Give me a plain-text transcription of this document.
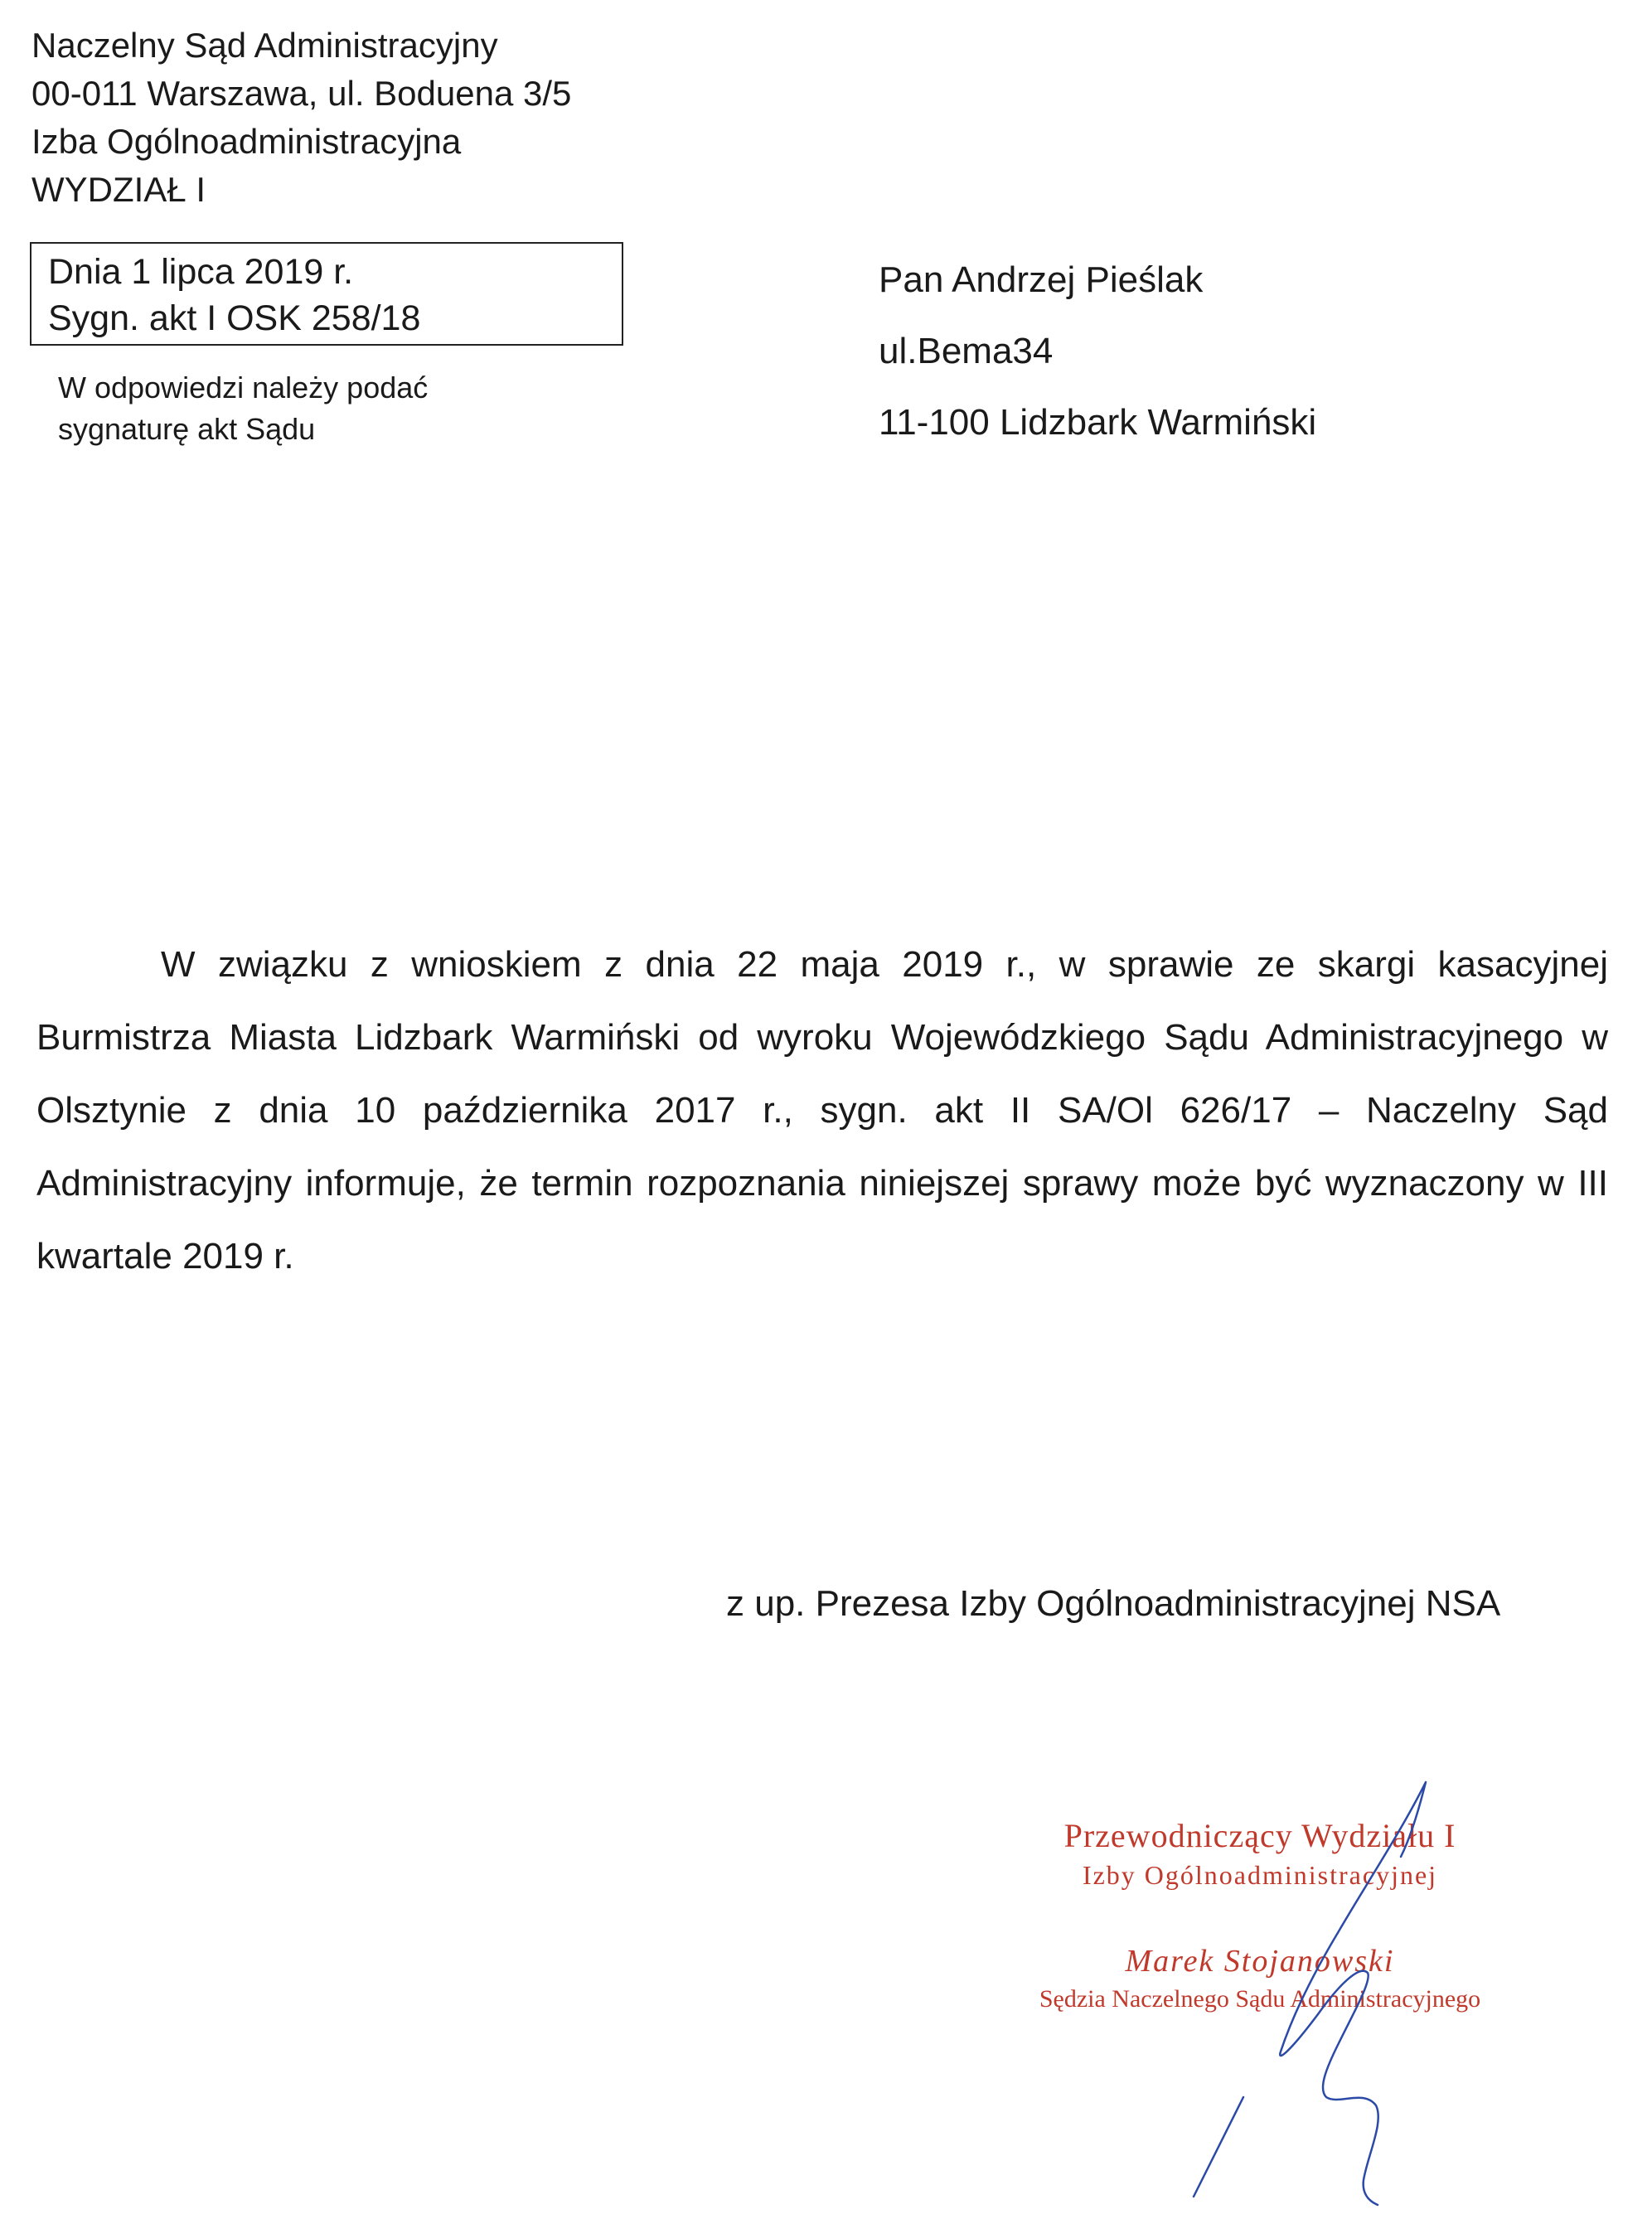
Naczelny Sąd Administracyjny
00-011 Warszawa, ul. Boduena 3/5
Izba Ogólnoadministracyjna
WYDZIAŁ I
Dnia 1 lipca 2019 r.
Sygn. akt I OSK 258/18
W odpowiedzi należy podać
sygnaturę akt Sądu
Pan Andrzej Pieślak
ul.Bema34
11-100 Lidzbark Warmiński

W związku z wnioskiem z dnia 22 maja 2019 r., w sprawie ze skargi kasacyjnej Burmistrza Miasta Lidzbark Warmiński od wyroku Wojewódzkiego Sądu Administracyjnego w Olsztynie z dnia 10 października 2017 r., sygn. akt II SA/Ol 626/17 – Naczelny Sąd Administracyjny informuje, że termin rozpoznania niniejszej sprawy może być wyznaczony w III kwartale 2019 r.

z up. Prezesa Izby Ogólnoadministracyjnej NSA
Przewodniczący Wydziału I
Izby Ogólnoadministracyjnej
Marek Stojanowski
Sędzia Naczelnego Sądu Administracyjnego
